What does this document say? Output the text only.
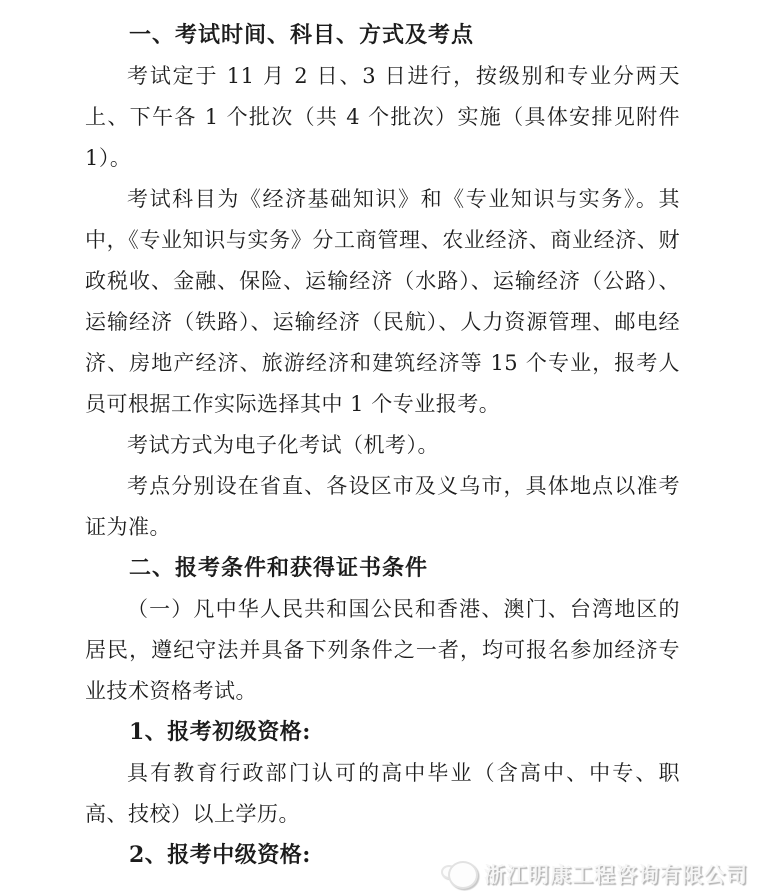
一、考试时间、科目、方式及考点

考试定于 11 月 2 日、3 日进行，按级别和专业分两天上、下午各 1 个批次（共 4 个批次）实施（具体安排见附件 1）。

考试科目为《经济基础知识》和《专业知识与实务》。其中，《专业知识与实务》分工商管理、农业经济、商业经济、财政税收、金融、保险、运输经济（水路）、运输经济（公路）、运输经济（铁路）、运输经济（民航）、人力资源管理、邮电经济、房地产经济、旅游经济和建筑经济等 15 个专业，报考人员可根据工作实际选择其中 1 个专业报考。

考试方式为电子化考试（机考）。

考点分别设在省直、各设区市及义乌市，具体地点以准考证为准。

二、报考条件和获得证书条件

（一）凡中华人民共和国公民和香港、澳门、台湾地区的居民，遵纪守法并具备下列条件之一者，均可报名参加经济专业技术资格考试。

1、报考初级资格:

具有教育行政部门认可的高中毕业（含高中、中专、职高、技校）以上学历。

2、报考中级资格:

浙江明康工程咨询有限公司
